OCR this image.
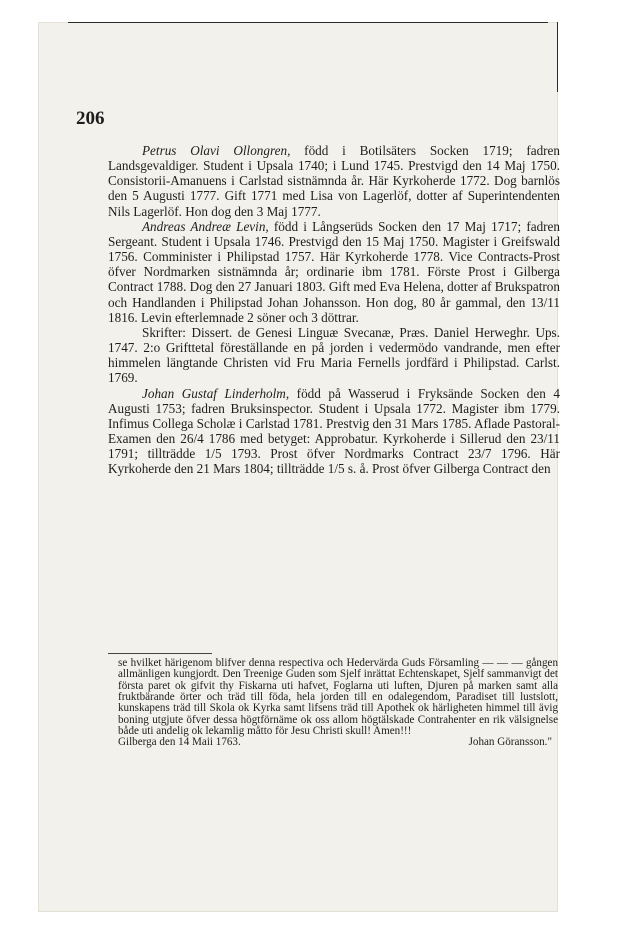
206

Petrus Olavi Ollongren, född i Botilsäters Socken 1719; fadren Landsgevaldiger. Student i Upsala 1740; i Lund 1745. Prestvigd den 14 Maj 1750. Consistorii-Amanuens i Carlstad sistnämnda år. Här Kyrkoherde 1772. Dog barnlös den 5 Augusti 1777. Gift 1771 med Lisa von Lagerlöf, dotter af Superintendenten Nils Lagerlöf. Hon dog den 3 Maj 1777.

Andreas Andreæ Levin, född i Långserüds Socken den 17 Maj 1717; fadren Sergeant. Student i Upsala 1746. Prestvigd den 15 Maj 1750. Magister i Greifswald 1756. Comminister i Philipstad 1757. Här Kyrkoherde 1778. Vice Contracts-Prost öfver Nordmarken sistnämnda år; ordinarie ibm 1781. Förste Prost i Gilberga Contract 1788. Dog den 27 Januari 1803. Gift med Eva Helena, dotter af Brukspatron och Handlanden i Philipstad Johan Johansson. Hon dog, 80 år gammal, den 13/11 1816. Levin efterlemnade 2 söner och 3 döttrar.

Skrifter: Dissert. de Genesi Linguæ Svecanæ, Præs. Daniel Herweghr. Ups. 1747. 2:o Grifttetal föreställande en på jorden i vedermödo vandrande, men efter himmelen längtande Christen vid Fru Maria Fernells jordfärd i Philipstad. Carlst. 1769.

Johan Gustaf Linderholm, född på Wasserud i Fryksände Socken den 4 Augusti 1753; fadren Bruksinspector. Student i Upsala 1772. Magister ibm 1779. Infimus Collega Scholæ i Carlstad 1781. Prestvig den 31 Mars 1785. Aflade Pastoral-Examen den 26/4 1786 med betyget: Approbatur. Kyrkoherde i Sillerud den 23/11 1791; tillträdde 1/5 1793. Prost öfver Nordmarks Contract 23/7 1796. Här Kyrkoherde den 21 Mars 1804; tillträdde 1/5 s. å. Prost öfver Gilberga Contract den

se hvilket härigenom blifver denna respectiva och Hedervärda Guds Församling — — — gången allmänligen kungjordt. Den Treenige Guden som Sjelf inrättat Echtenskapet, Sjelf sammanvigt det första paret ok gifvit thy Fiskarna uti hafvet, Foglarna uti luften, Djuren på marken samt alla fruktbärande örter och träd till föda, hela jorden till en odalegendom, Paradiset till lustslott, kunskapens träd till Skola ok Kyrka samt lifsens träd till Apothek ok härligheten himmel till ävig boning utgjute öfver dessa högtförnäme ok oss allom högtälskade Contrahenter en rik välsignelse både uti andelig ok lekamlig måtto för Jesu Christi skull! Amen!!!

Gilberga den 14 Maii 1763.	Johan Göransson."
